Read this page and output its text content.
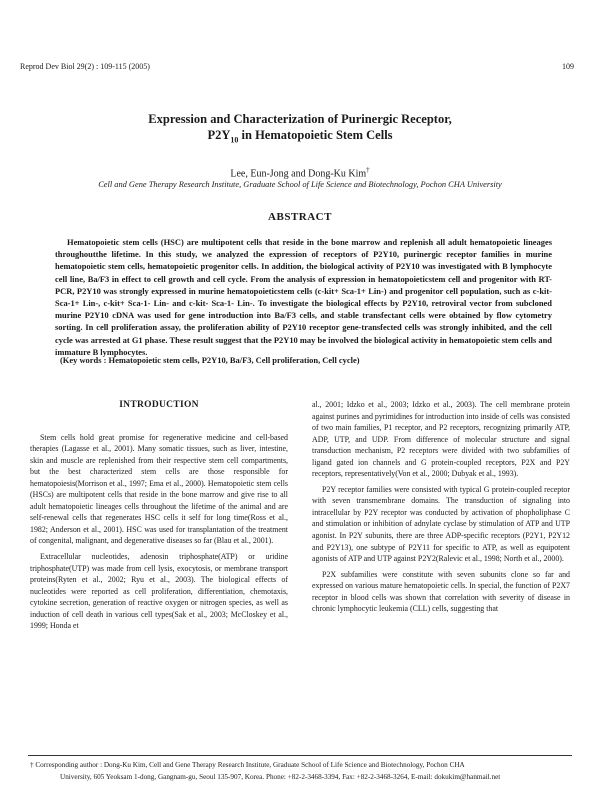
Reprod Dev Biol 29(2) : 109-115 (2005)	109
Expression and Characterization of Purinergic Receptor,
$P2Y_{10}$ in Hematopoietic Stem Cells
Lee, Eun-Jong and Dong-Ku Kim†
Cell and Gene Therapy Research Institute, Graduate School of Life Science and Biotechnology, Pochon CHA University
ABSTRACT

Hematopoietic stem cells (HSC) are multipotent cells that reside in the bone marrow and replenish all adult hematopoietic lineages throughoutthe lifetime. In this study, we analyzed the expression of receptors of P2Y10, purinergic receptor families in murine hematopoietic stem cells, hematopoietic progenitor cells. In addition, the biological activity of P2Y10 was investigated with B lymphocyte cell line, Ba/F3 in effect to cell growth and cell cycle. From the analysis of expression in hematopoieticstem cell and progenitor with RT-PCR, P2Y10 was strongly expressed in murine hematopoieticstem cells (c-kit+ Sca-1+ Lin-) and progenitor cell population, such as c-kit- Sca-1+ Lin-, c-kit+ Sca-1- Lin- and c-kit- Sca-1- Lin-. To investigate the biological effects by P2Y10, retroviral vector from subcloned murine P2Y10 cDNA was used for gene introduction into Ba/F3 cells, and stable transfectant cells were obtained by flow cytometry sorting. In cell proliferation assay, the proliferation ability of P2Y10 receptor gene-transfected cells was strongly inhibited, and the cell cycle was arrested at G1 phase. These result suggest that the P2Y10 may be involved the biological activity in hematopoietic stem cells and immature B lymphocytes.

(Key words : Hematopoietic stem cells, P2Y10, Ba/F3, Cell proliferation, Cell cycle)
INTRODUCTION

Stem cells hold great promise for regenerative medicine and cell-based therapies (Lagasse et al., 2001). Many somatic tissues, such as liver, intestine, skin and muscle are replenished from their respective stem cell compartments, but the best characterized stem cells are those responsible for hematopoiesis(Morrison et al., 1997; Ema et al., 2000). Hematopoietic stem cells (HSCs) are multipotent cells that reside in the bone marrow and give rise to all adult hematopoietic lineages cells throughout the lifetime of the animal and are self-renewal cells that regenerates HSC cells it self for long time(Ross et al., 1982; Anderson et al., 2001). HSC was used for transplantation of the treatment of congenital, malignant, and degenerative diseases so far (Blau et al., 2001).

Extracellular nucleotides, adenosin triphosphate(ATP) or uridine triphosphate(UTP) was made from cell lysis, exocytosis, or membrane transport proteins(Ryten et al., 2002; Ryu et al., 2003). The biological effects of nucleotides were reported as cell proliferation, differentiation, chemotaxis, cytokine secretion, generation of reactive oxygen or nitrogen species, as well as induction of cell death in various cell types(Sak et al., 2003; McCloskey et al., 1999; Honda et

al., 2001; Idzko et al., 2003; Idzko et al., 2003). The cell membrane protein against purines and pyrimidines for introduction into inside of cells was consisted of two main families, P1 receptor, and P2 receptors, recognizing primarily ATP, ADP, UTP, and UDP. From difference of molecular structure and signal transduction mechanism, P2 receptors were divided with two subfamilies of ligand gated ion channels and G protein-coupled receptors, P2X and P2Y receptors, representatively(Von et al., 2000; Dubyak et al., 1993).

P2Y receptor families were consisted with typical G protein-coupled receptor with seven transmembrane domains. The transduction of signaling into intracellular by P2Y receptor was conducted by activation of phopholiphase C and stimulation or inhibition of adnylate cyclase by stimulation of ATP and UTP agonist. In P2Y subunits, there are three ADP-specific receptors (P2Y1, P2Y12 and P2Y13), one subtype of P2Y11 for specific to ATP, as well as equipotent agonists of ATP and UTP against P2Y2(Ralevic et al., 1998; North et al., 2000).

P2X subfamilies were constitute with seven subunits clone so far and expressed on various mature hematopoietic cells. In special, the function of P2X7 receptor in blood cells was shown that correlation with severity of disease in chronic lymphocytic leukemia (CLL) cells, suggesting that

† Corresponding author : Dong-Ku Kim, Cell and Gene Therapy Research Institute, Graduate School of Life Science and Biotechnology, Pochon CHA
University, 605 Yeoksam 1-dong, Gangnam-gu, Seoul 135-907, Korea. Phone: +82-2-3468-3394, Fax: +82-2-3468-3264, E-mail: dokukim@hanmail.net
